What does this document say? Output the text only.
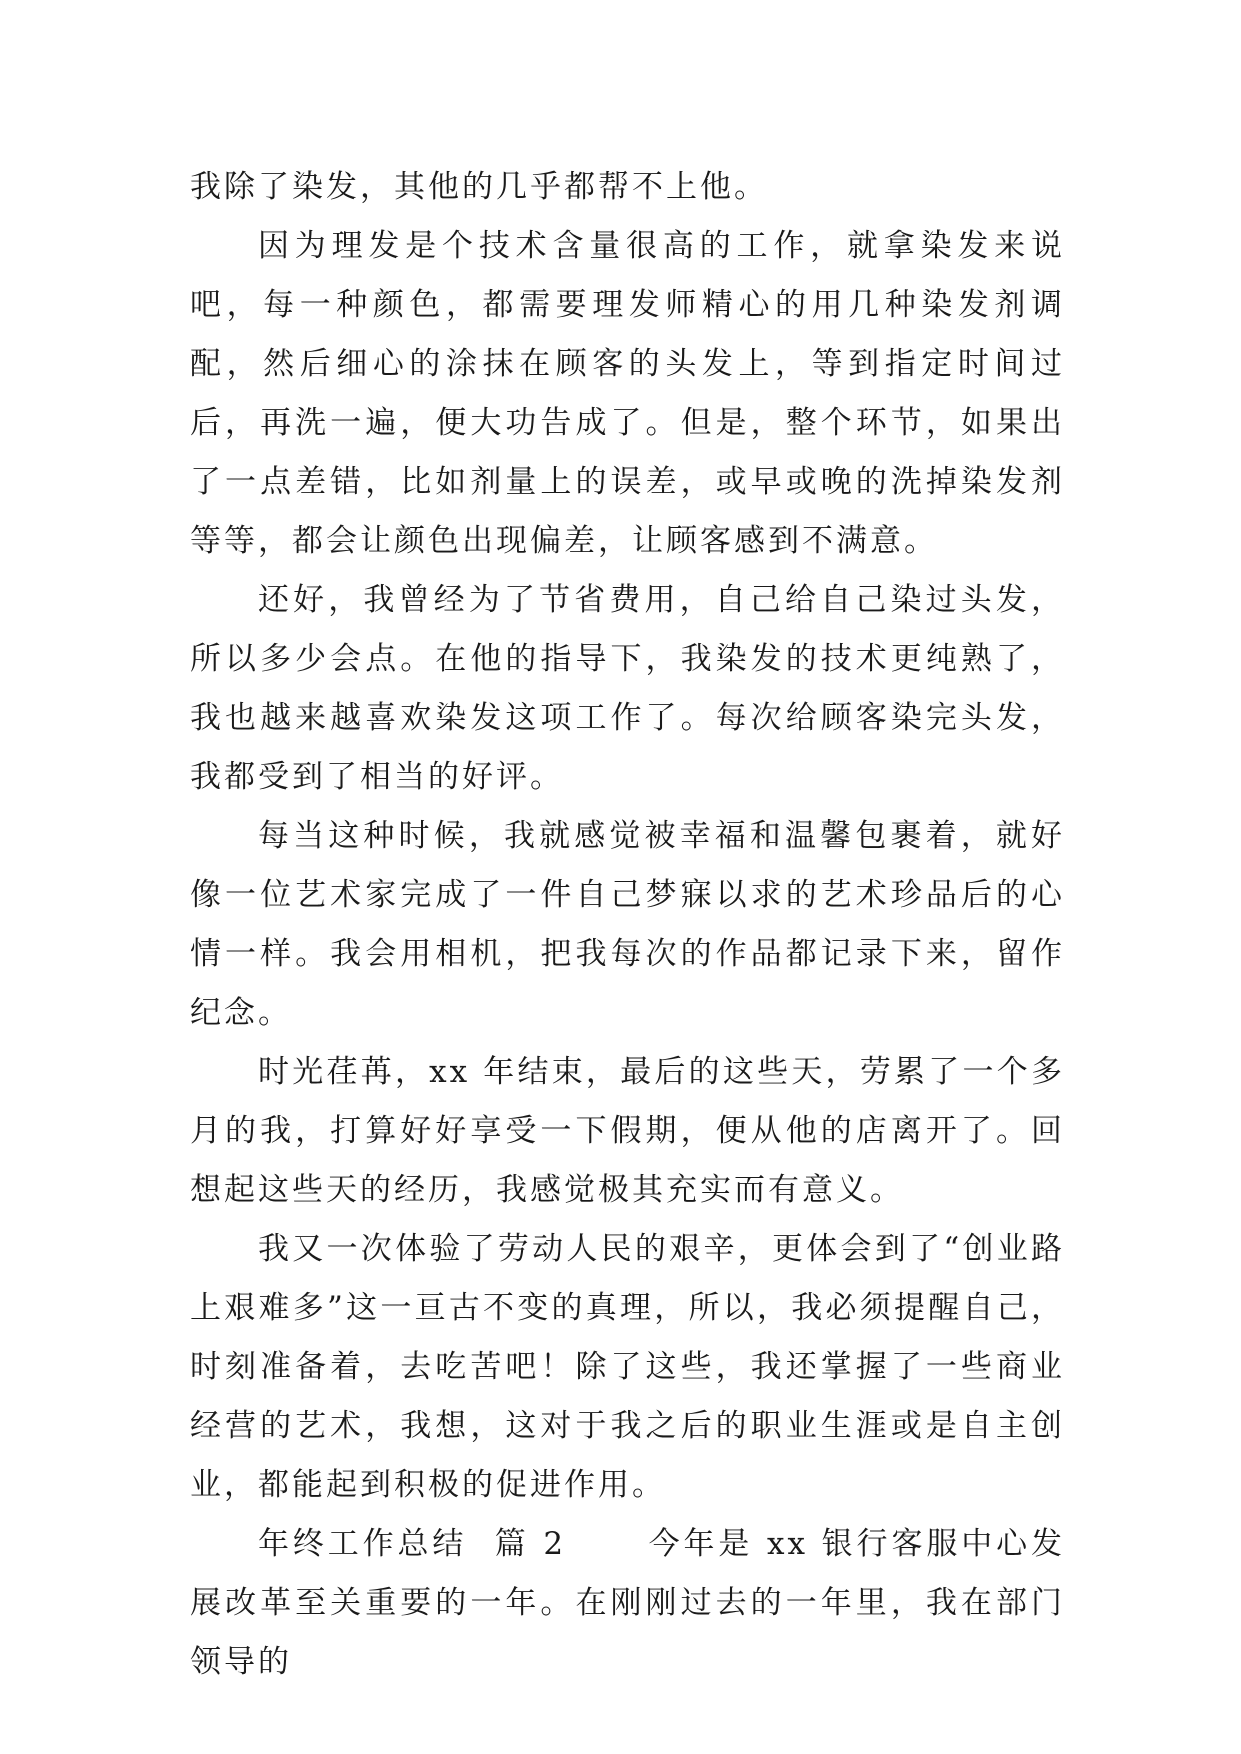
我除了染发，其他的几乎都帮不上他。

因为理发是个技术含量很高的工作，就拿染发来说吧，每一种颜色，都需要理发师精心的用几种染发剂调配，然后细心的涂抹在顾客的头发上，等到指定时间过后，再洗一遍，便大功告成了。但是，整个环节，如果出了一点差错，比如剂量上的误差，或早或晚的洗掉染发剂等等，都会让颜色出现偏差，让顾客感到不满意。

还好，我曾经为了节省费用，自己给自己染过头发，所以多少会点。在他的指导下，我染发的技术更纯熟了，我也越来越喜欢染发这项工作了。每次给顾客染完头发，我都受到了相当的好评。

每当这种时候，我就感觉被幸福和温馨包裹着，就好像一位艺术家完成了一件自己梦寐以求的艺术珍品后的心情一样。我会用相机，把我每次的作品都记录下来，留作纪念。

时光荏苒，xx 年结束，最后的这些天，劳累了一个多月的我，打算好好享受一下假期，便从他的店离开了。回想起这些天的经历，我感觉极其充实而有意义。

我又一次体验了劳动人民的艰辛，更体会到了“创业路上艰难多”这一亘古不变的真理，所以，我必须提醒自己，时刻准备着，去吃苦吧！除了这些，我还掌握了一些商业经营的艺术，我想，这对于我之后的职业生涯或是自主创业，都能起到积极的促进作用。

年终工作总结  篇 2      今年是 xx 银行客服中心发展改革至关重要的一年。在刚刚过去的一年里，我在部门领导的
